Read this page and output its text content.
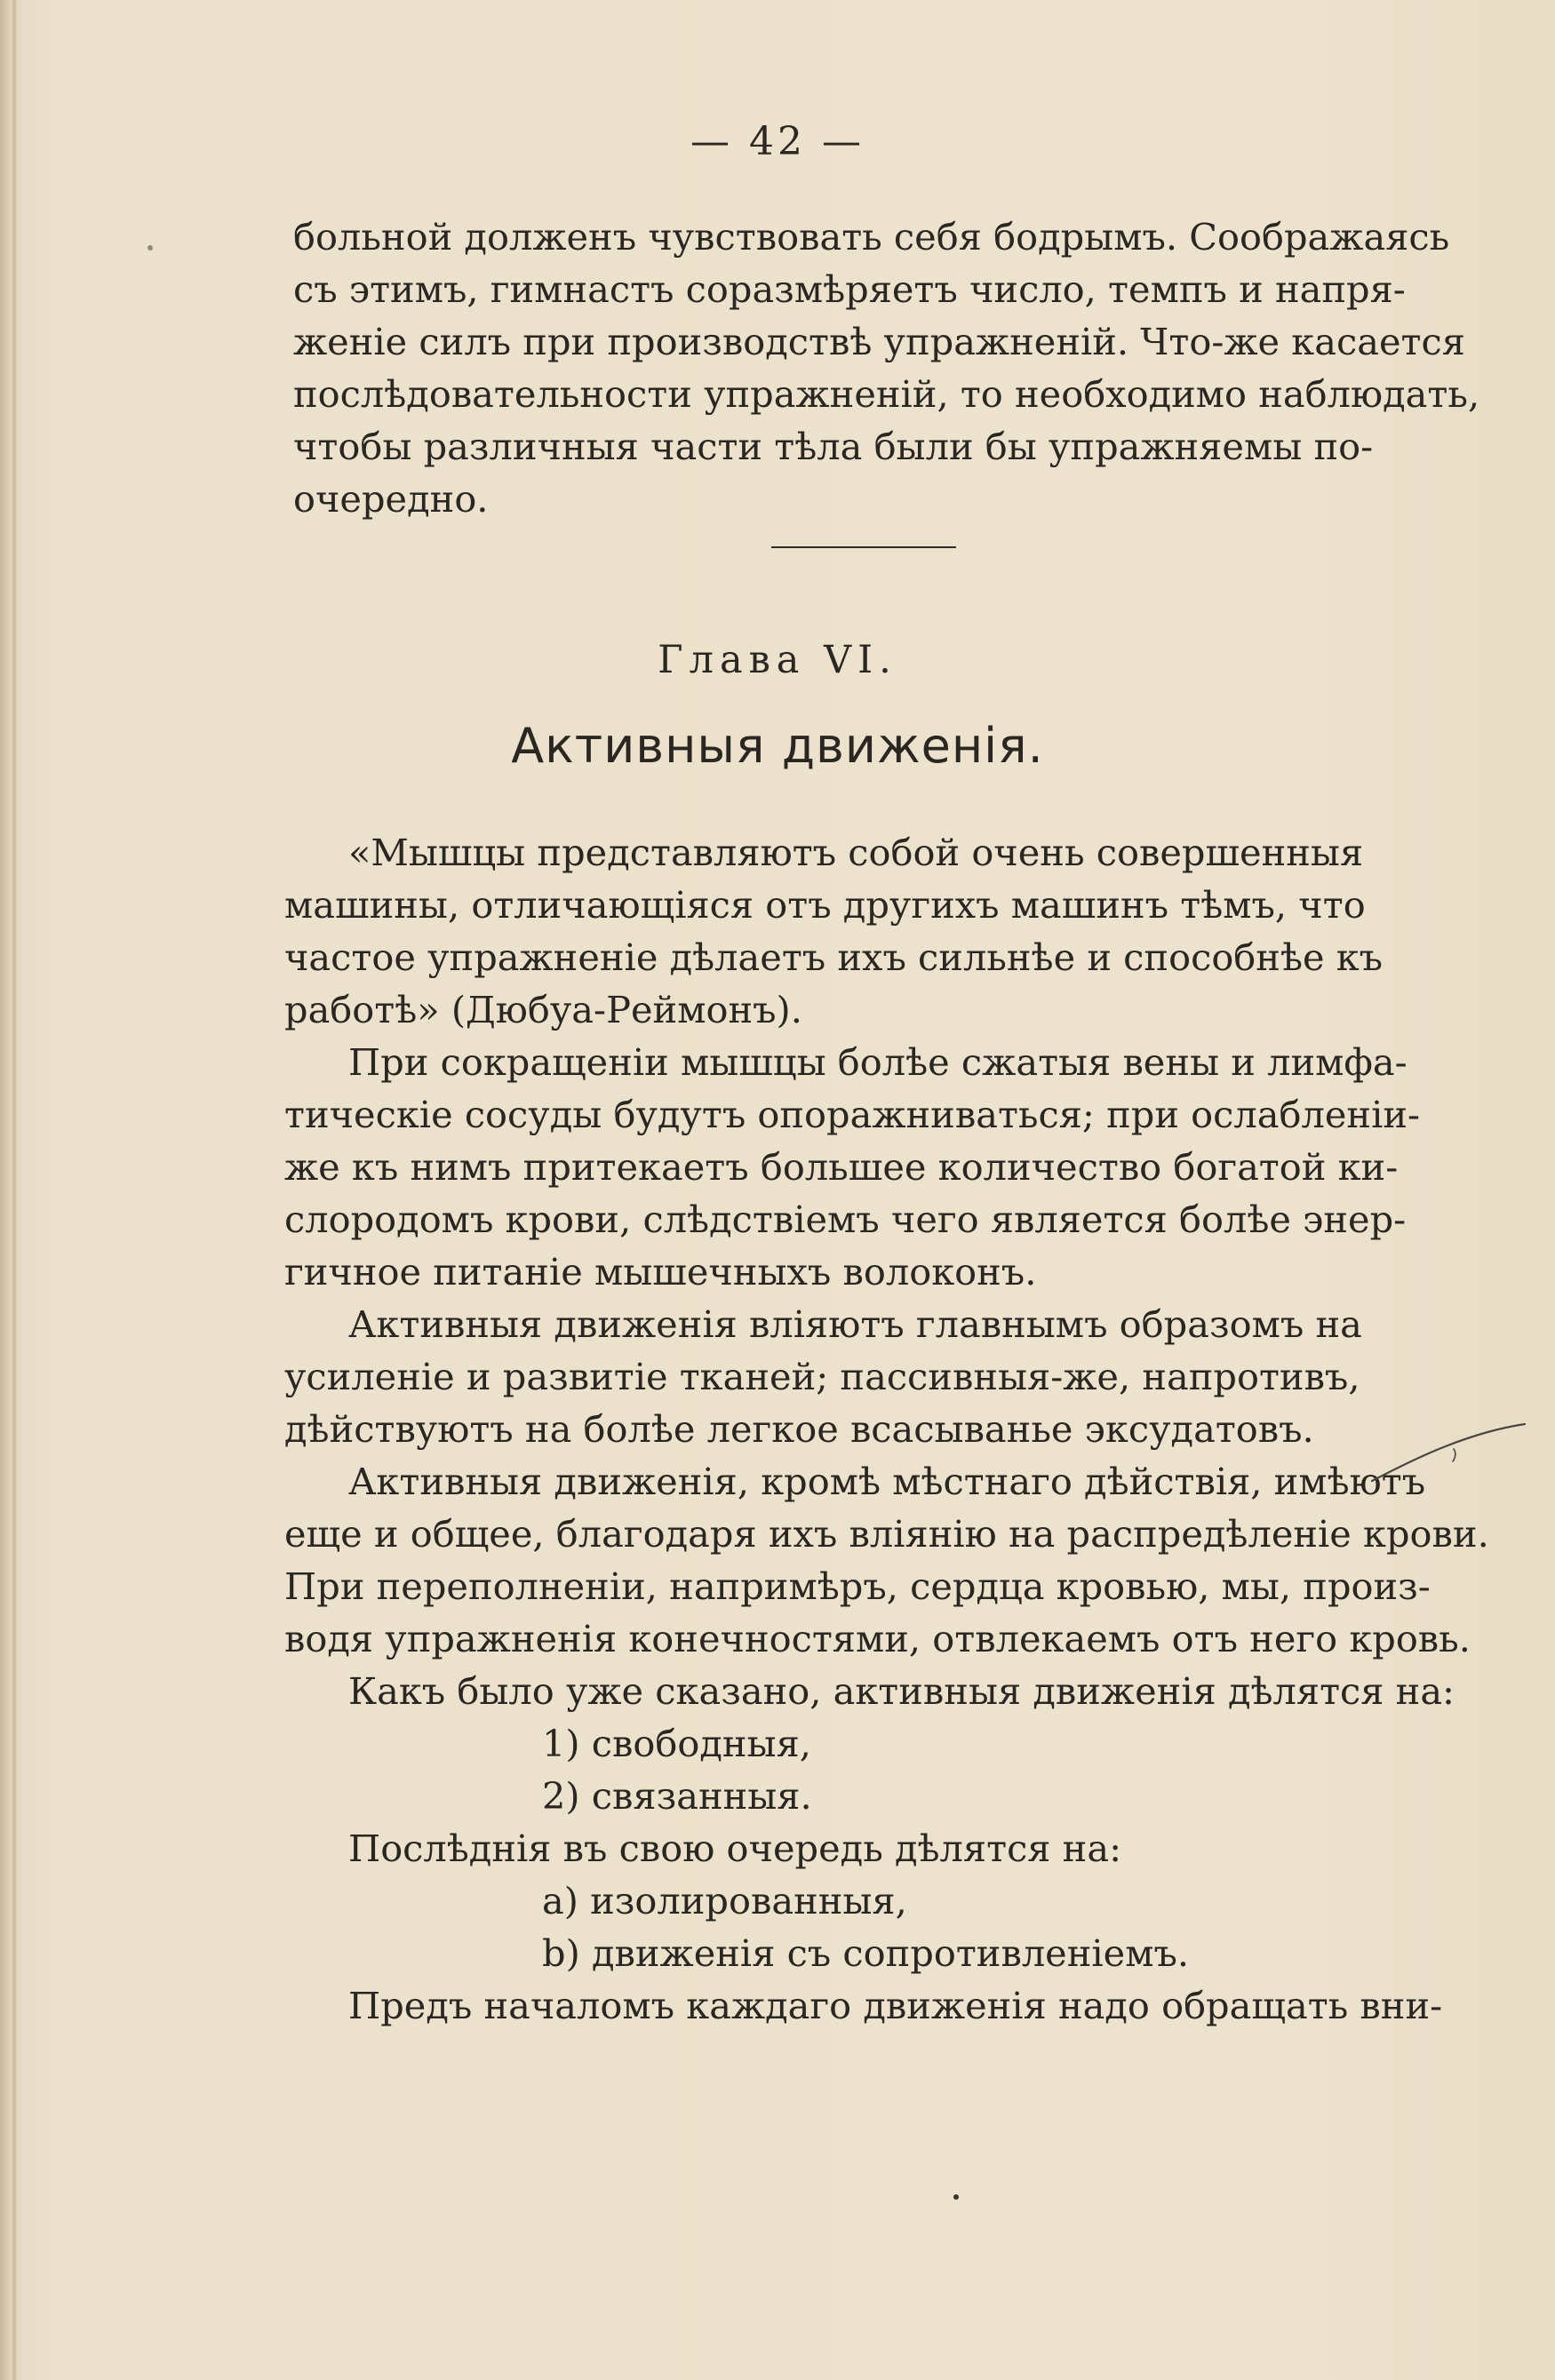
— 42 —
больной долженъ чувствовать себя бодрымъ. Соображаясь
съ этимъ, гимнастъ соразмѣряетъ число, темпъ и напря-
женіе силъ при производствѣ упражненій. Что-же касается
послѣдовательности упражненій, то необходимо наблюдать,
чтобы различныя части тѣла были бы упражняемы по-
очередно.
Глава VI.
Активныя движенія.
«Мышцы представляютъ собой очень совершенныя
машины, отличающіяся отъ другихъ машинъ тѣмъ, что
частое упражненіе дѣлаетъ ихъ сильнѣе и способнѣе къ
работѣ» (Дюбуа-Реймонъ).
При сокращеніи мышцы болѣе сжатыя вены и лимфа-
тическіе сосуды будутъ опоражниваться; при ослабленіи-
же къ нимъ притекаетъ большее количество богатой ки-
слородомъ крови, слѣдствіемъ чего является болѣе энер-
гичное питаніе мышечныхъ волоконъ.
Активныя движенія вліяютъ главнымъ образомъ на
усиленіе и развитіе тканей; пассивныя-же, напротивъ,
дѣйствуютъ на болѣе легкое всасыванье эксудатовъ.
Активныя движенія, кромѣ мѣстнаго дѣйствія, имѣютъ
еще и общее, благодаря ихъ вліянію на распредѣленіе крови.
При переполненіи, напримѣръ, сердца кровью, мы, произ-
водя упражненія конечностями, отвлекаемъ отъ него кровь.
Какъ было уже сказано, активныя движенія дѣлятся на:
1) свободныя,
2) связанныя.
Послѣднія въ свою очередь дѣлятся на:
a) изолированныя,
b) движенія съ сопротивленіемъ.
Предъ началомъ каждаго движенія надо обращать вни-
